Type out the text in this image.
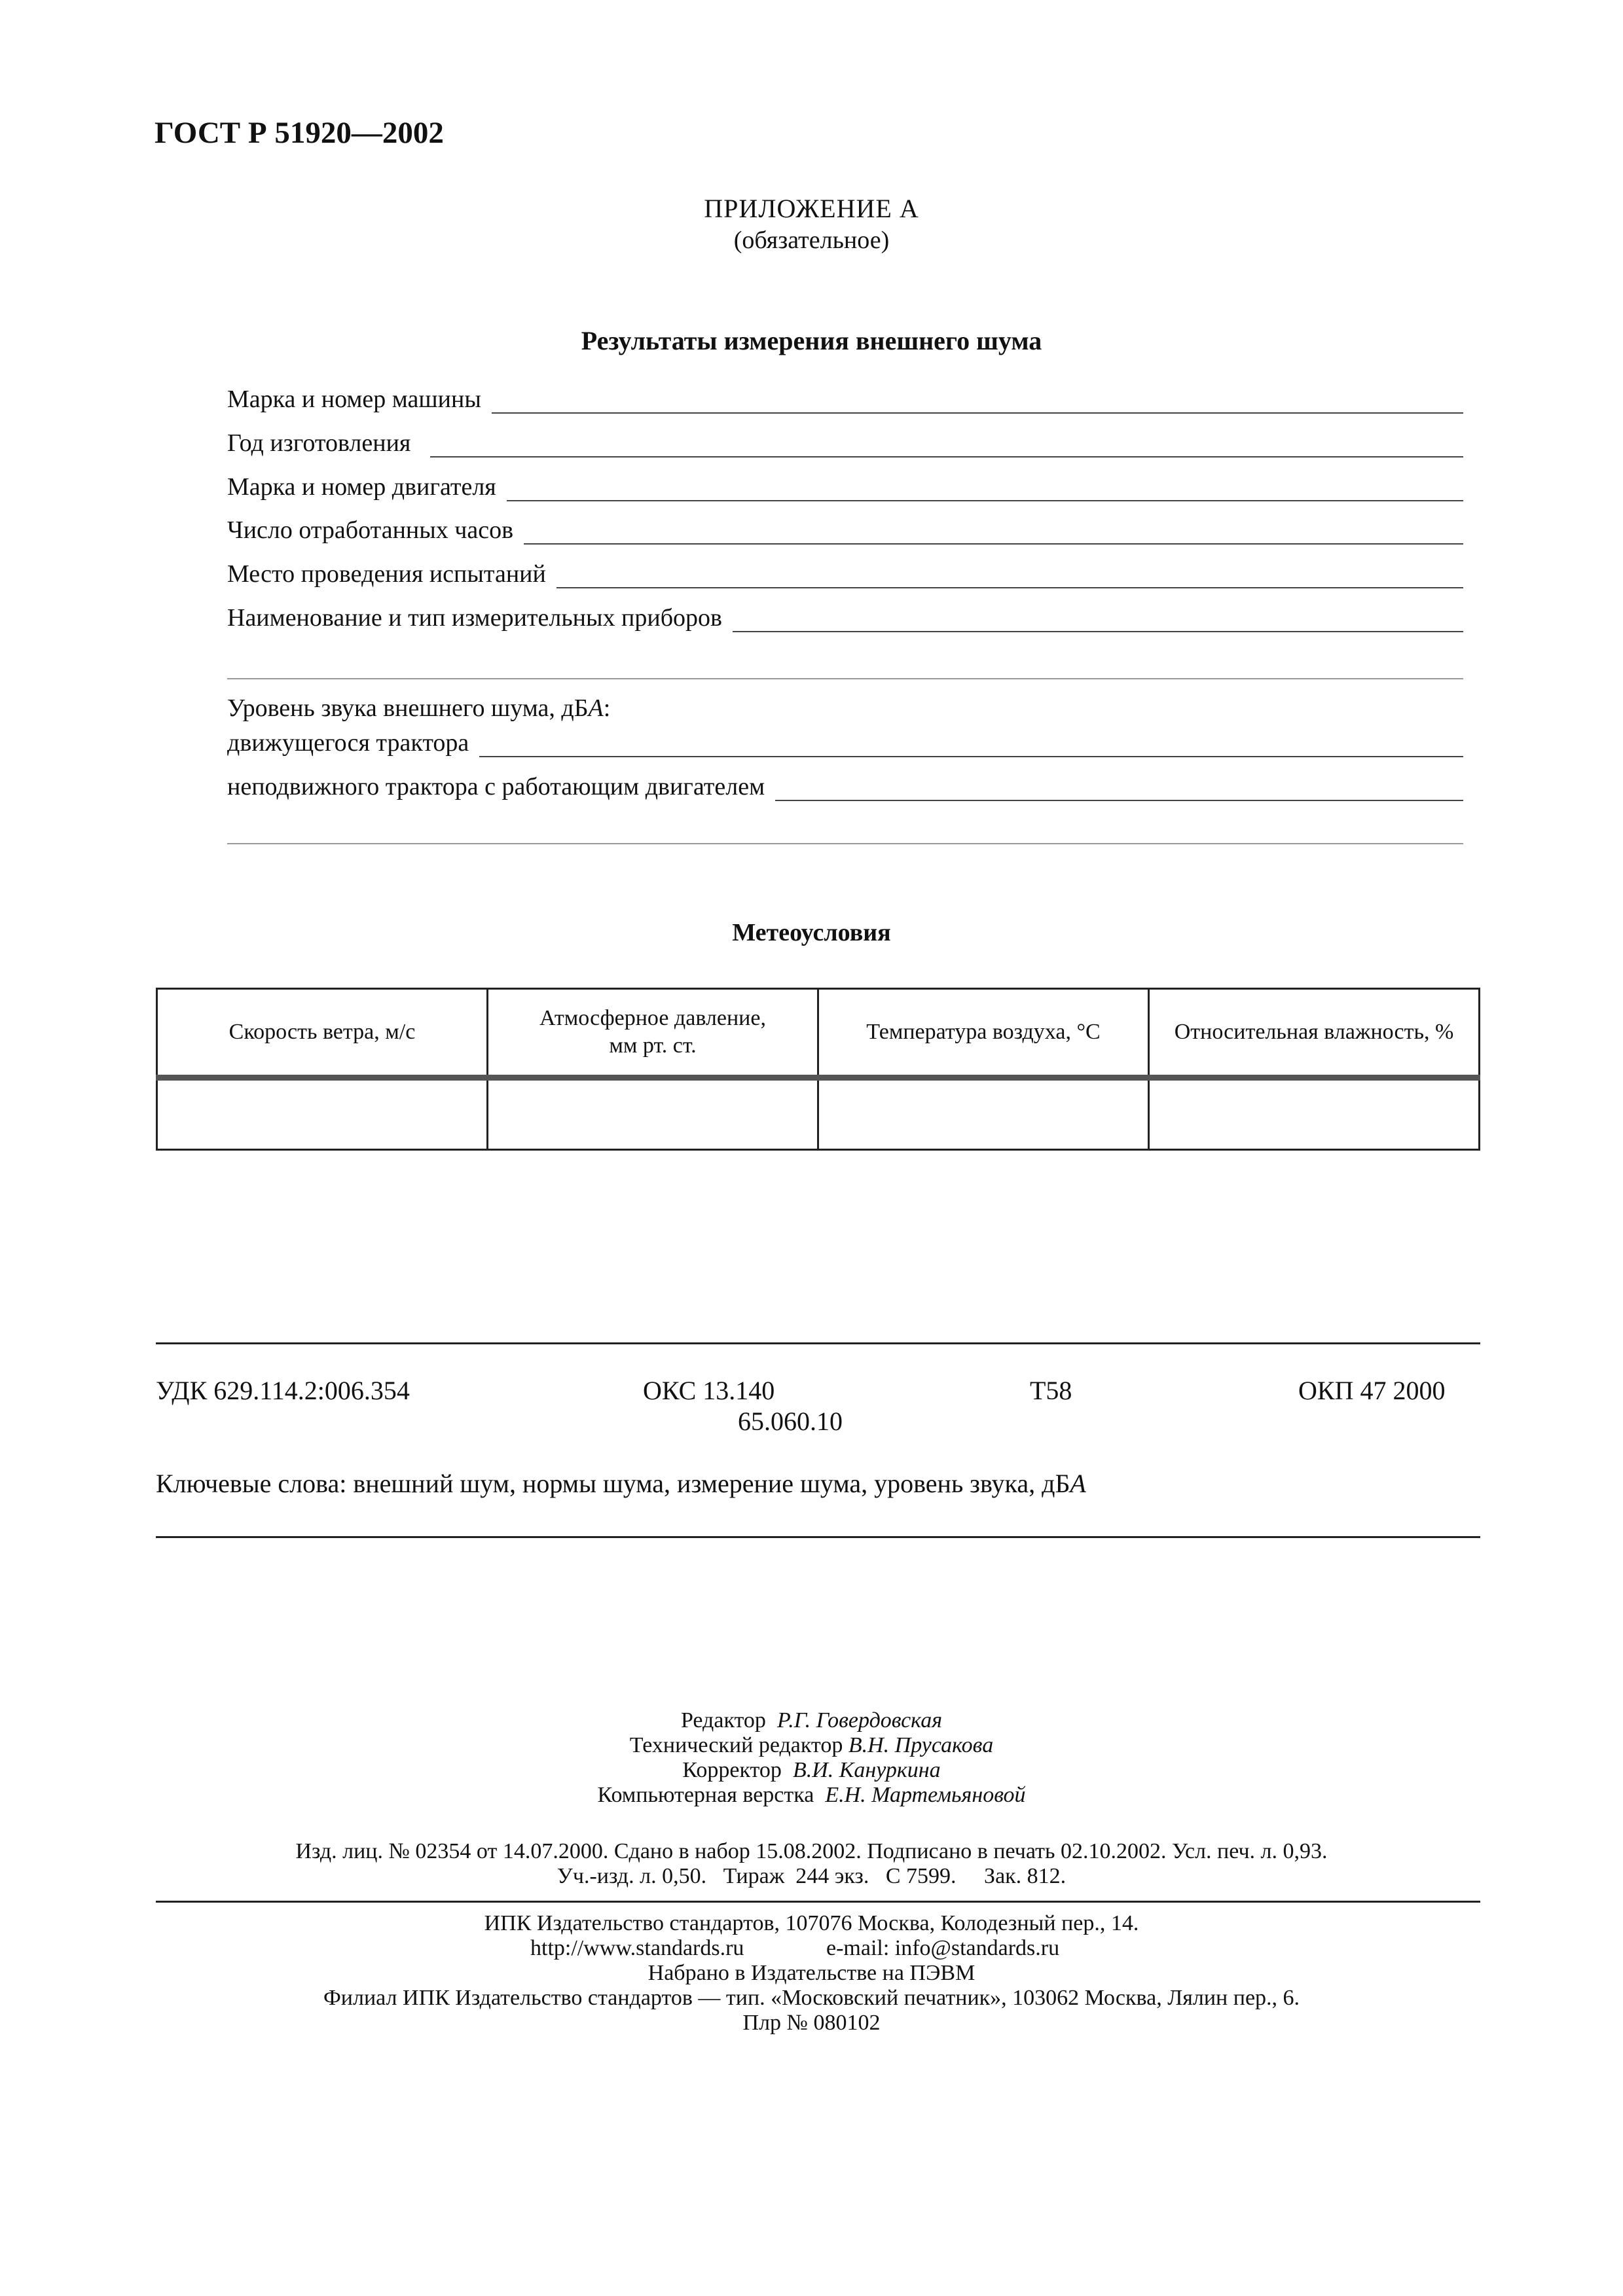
ГОСТ Р 51920—2002
ПРИЛОЖЕНИЕ А
(обязательное)
Результаты измерения внешнего шума
Марка и номер машины
Год изготовления
Марка и номер двигателя
Число отработанных часов
Место проведения испытаний
Наименование и тип измерительных приборов
Уровень звука внешнего шума, дБА:
движущегося трактора
неподвижного трактора с работающим двигателем
Метеоусловия
Скорость ветра, м/с	Атмосферное давление, мм рт. ст.	Температура воздуха, °С	Относительная влажность, %

УДК 629.114.2:006.354	ОКС 13.140
65.060.10
Т58	ОКП 47 2000
Ключевые слова: внешний шум, нормы шума, измерение шума, уровень звука, дБА
Редактор Р.Г. Говердовская
Технический редактор В.Н. Прусакова
Корректор В.И. Кануркина
Компьютерная верстка Е.Н. Мартемьяновой
Изд. лиц. № 02354 от 14.07.2000. Сдано в набор 15.08.2002. Подписано в печать 02.10.2002. Усл. печ. л. 0,93.
Уч.-изд. л. 0,50.   Тираж  244 экз.   С 7599.     Зак. 812.
ИПК Издательство стандартов, 107076 Москва, Колодезный пер., 14.
http://www.standards.ru	e-mail: info@standards.ru
Набрано в Издательстве на ПЭВМ
Филиал ИПК Издательство стандартов — тип. «Московский печатник», 103062 Москва, Лялин пер., 6.
Плр № 080102
